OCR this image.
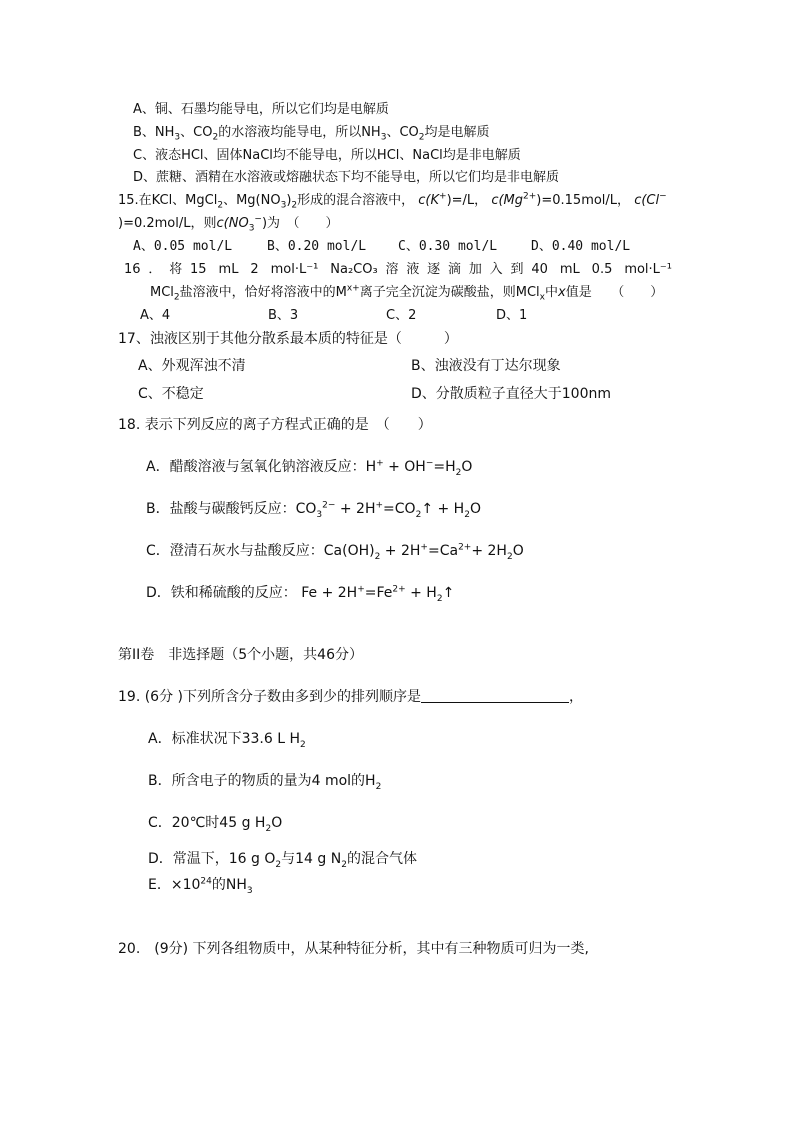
A、铜、石墨均能导电，所以它们均是电解质
B、$NH_3$、$CO_2$的水溶液均能导电，所以$NH_3$、$CO_2$均是电解质
C、液态HCl、固体NaCl均不能导电，所以HCl、NaCl均是非电解质
D、蔗糖、酒精在水溶液或熔融状态下均不能导电，所以它们均是非电解质
15.在KCl、MgCl$_2$、$Mg(NO_3)_2$形成的混合溶液中， c(K+)=/L， $c(Mg^{2+})=0.15mol/L$， c(Cl−
)=0.2mol/L，则$c(NO_3^-)$为　（　　）
A、0.05 mol/L	B、0.20 mol/L C、0.30 mol/L	D、0.40 mol/L
16．将15 mL 2 mol·L⁻¹ Na₂CO₃溶液逐滴加入到40 mL 0.5 mol·L⁻¹
MCl$_2$盐溶液中，恰好将溶液中的$M^{x+}$离子完全沉淀为碳酸盐，则MCl$_x$中x值是　　（　　）
A、4	B、3	C、2	D、1
17、浊液区别于其他分散系最本质的特征是（　　　）
A、外观浑浊不清	B、浊液没有丁达尔现象
C、不稳定	D、分散质粒子直径大于100nm
18. 表示下列反应的离子方程式正确的是　（　　）
A．醋酸溶液与氢氧化钠溶液反应：$H^+ + OH^-=H_2O$
B．盐酸与碳酸钙反应：$CO_3^{2-}$ + $2H^+=CO_2↑ + H_2O$
C．澄清石灰水与盐酸反应：$Ca(OH)_2 + 2H^+=Ca^{2+}+ 2H_2O$
D．铁和稀硫酸的反应： $Fe + 2H^+=Fe^{2+}$ + $H_2↑$
第II卷　非选择题（5个小题，共46分）
19. (6分 )下列所含分子数由多到少的排列顺序是	，
A．标准状况下33.6 L $H_2$
B．所含电子的物质的量为4 mol的$H_2$
C．20℃时45 g $H_2O$
D．常温下，16 g $O_2$与14 g $N_2$的混合气体
E．$\times 10^{24}$的$NH_3$
20.　(9分) 下列各组物质中，从某种特征分析，其中有三种物质可归为一类,
